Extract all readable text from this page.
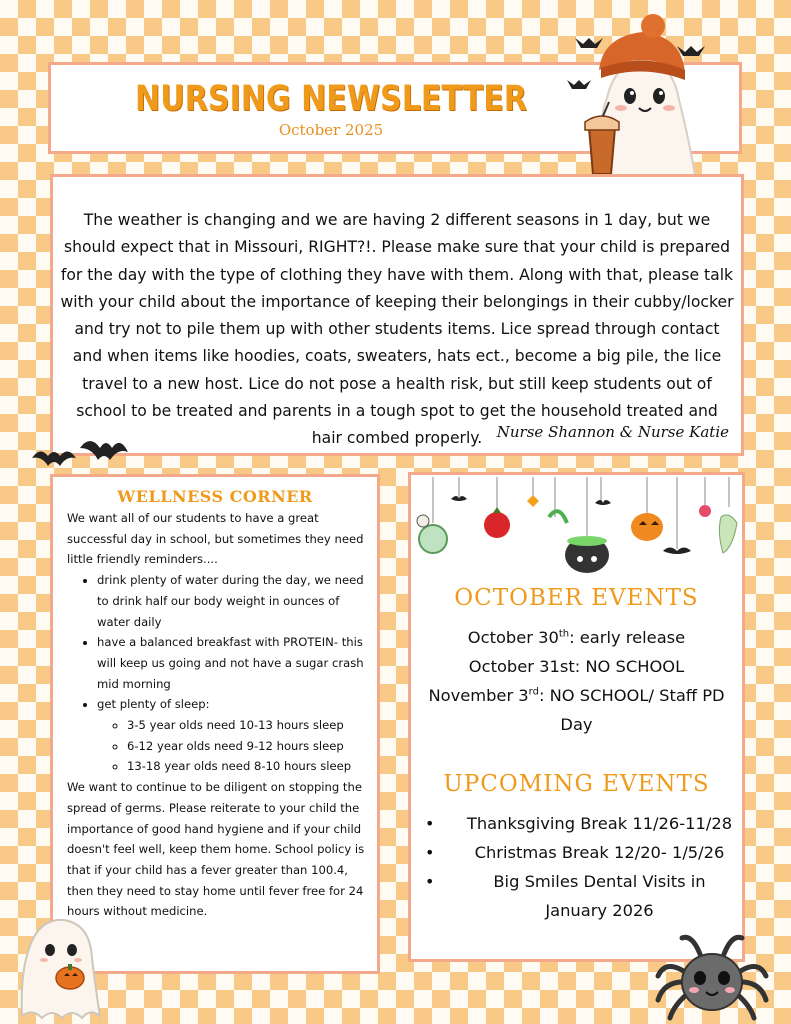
NURSING NEWSLETTER
October 2025
The weather is changing and we are having 2 different seasons in 1 day, but we should expect that in Missouri, RIGHT?!. Please make sure that your child is prepared for the day with the type of clothing they have with them. Along with that, please talk with your child about the importance of keeping their belongings in their cubby/locker and try not to pile them up with other students items. Lice spread through contact and when items like hoodies, coats, sweaters, hats ect., become a big pile, the lice travel to a new host. Lice do not pose a health risk, but still keep students out of school to be treated and parents in a tough spot to get the household treated and hair combed properly. Nurse Shannon & Nurse Katie
WELLNESS CORNER

We want all of our students to have a great successful day in school, but sometimes they need little friendly reminders....

• drink plenty of water during the day, we need to drink half our body weight in ounces of water daily
• have a balanced breakfast with PROTEIN- this will keep us going and not have a sugar crash mid morning
• get plenty of sleep:
◦ 3-5 year olds need 10-13 hours sleep
◦ 6-12 year olds need 9-12 hours sleep
◦ 13-18 year olds need 8-10 hours sleep

We want to continue to be diligent on stopping the spread of germs. Please reiterate to your child the importance of good hand hygiene and if your child doesn't feel well, keep them home. School policy is that if your child has a fever greater than 100.4, then they need to stay home until fever free for 24 hours without medicine.

OCTOBER EVENTS
October 30th: early release
October 31st: NO SCHOOL
November 3rd: NO SCHOOL/ Staff PD Day
UPCOMING EVENTS
•	Thanksgiving Break 11/26-11/28
•	Christmas Break 12/20- 1/5/26
•	Big Smiles Dental Visits in January 2026
